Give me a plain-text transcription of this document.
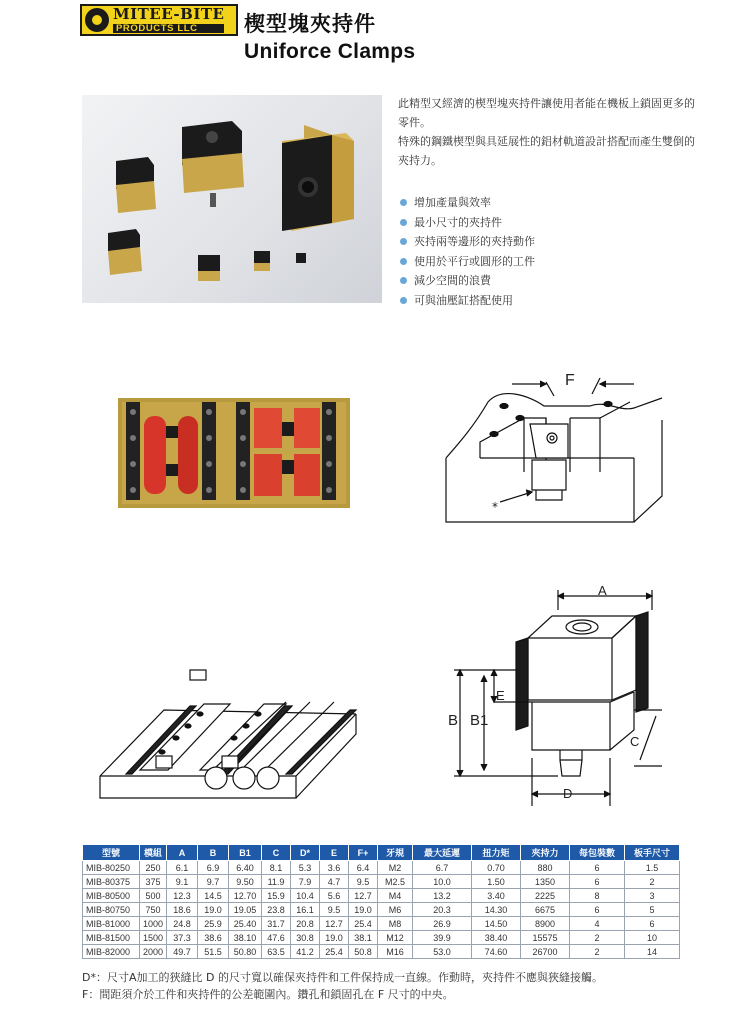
MITEE-BITE
PRODUCTS LLC	楔型塊夾持件
Uniforce Clamps

此精型又經濟的楔型塊夾持件讓使用者能在機板上鎖固更多的零件。

特殊的鋼鐵楔型與具延展性的鋁材軌道設計搭配而產生雙倒的夾持力。

增加產量與效率
最小尺寸的夾持件
夾持兩等邊形的夾持動作
使用於平行或圓形的工件
減少空間的浪費
可與油壓缸搭配使用
F
*
A
B B1
E
C
D
型號	模組	A	B	B1	C	D*	E	F+	牙規	最大延遲	扭力矩	夾持力	每包裝數	板手尺寸
MIB-80250	250	6.1	6.9	6.40	8.1	5.3	3.6	6.4	M2	6.7	0.70	880	6	1.5
MIB-80375	375	9.1	9.7	9.50	11.9	7.9	4.7	9.5	M2.5	10.0	1.50	1350	6	2
MIB-80500	500	12.3	14.5	12.70	15.9	10.4	5.6	12.7	M4	13.2	3.40	2225	8	3
MIB-80750	750	18.6	19.0	19.05	23.8	16.1	9.5	19.0	M6	20.3	14.30	6675	6	5
MIB-81000	1000	24.8	25.9	25.40	31.7	20.8	12.7	25.4	M8	26.9	14.50	8900	4	6
MIB-81500	1500	37.3	38.6	38.10	47.6	30.8	19.0	38.1	M12	39.9	38.40	15575	2	10
MIB-82000	2000	49.7	51.5	50.80	63.5	41.2	25.4	50.8	M16	53.0	74.60	26700	2	14
D*：尺寸A加工的狹縫比 D 的尺寸寬以確保夾持件和工件保持成一直線。作動時，夾持件不應與狹縫接觸。
F：間距須介於工件和夾持件的公差範圍內。鑽孔和鎖固孔在 F 尺寸的中央。
